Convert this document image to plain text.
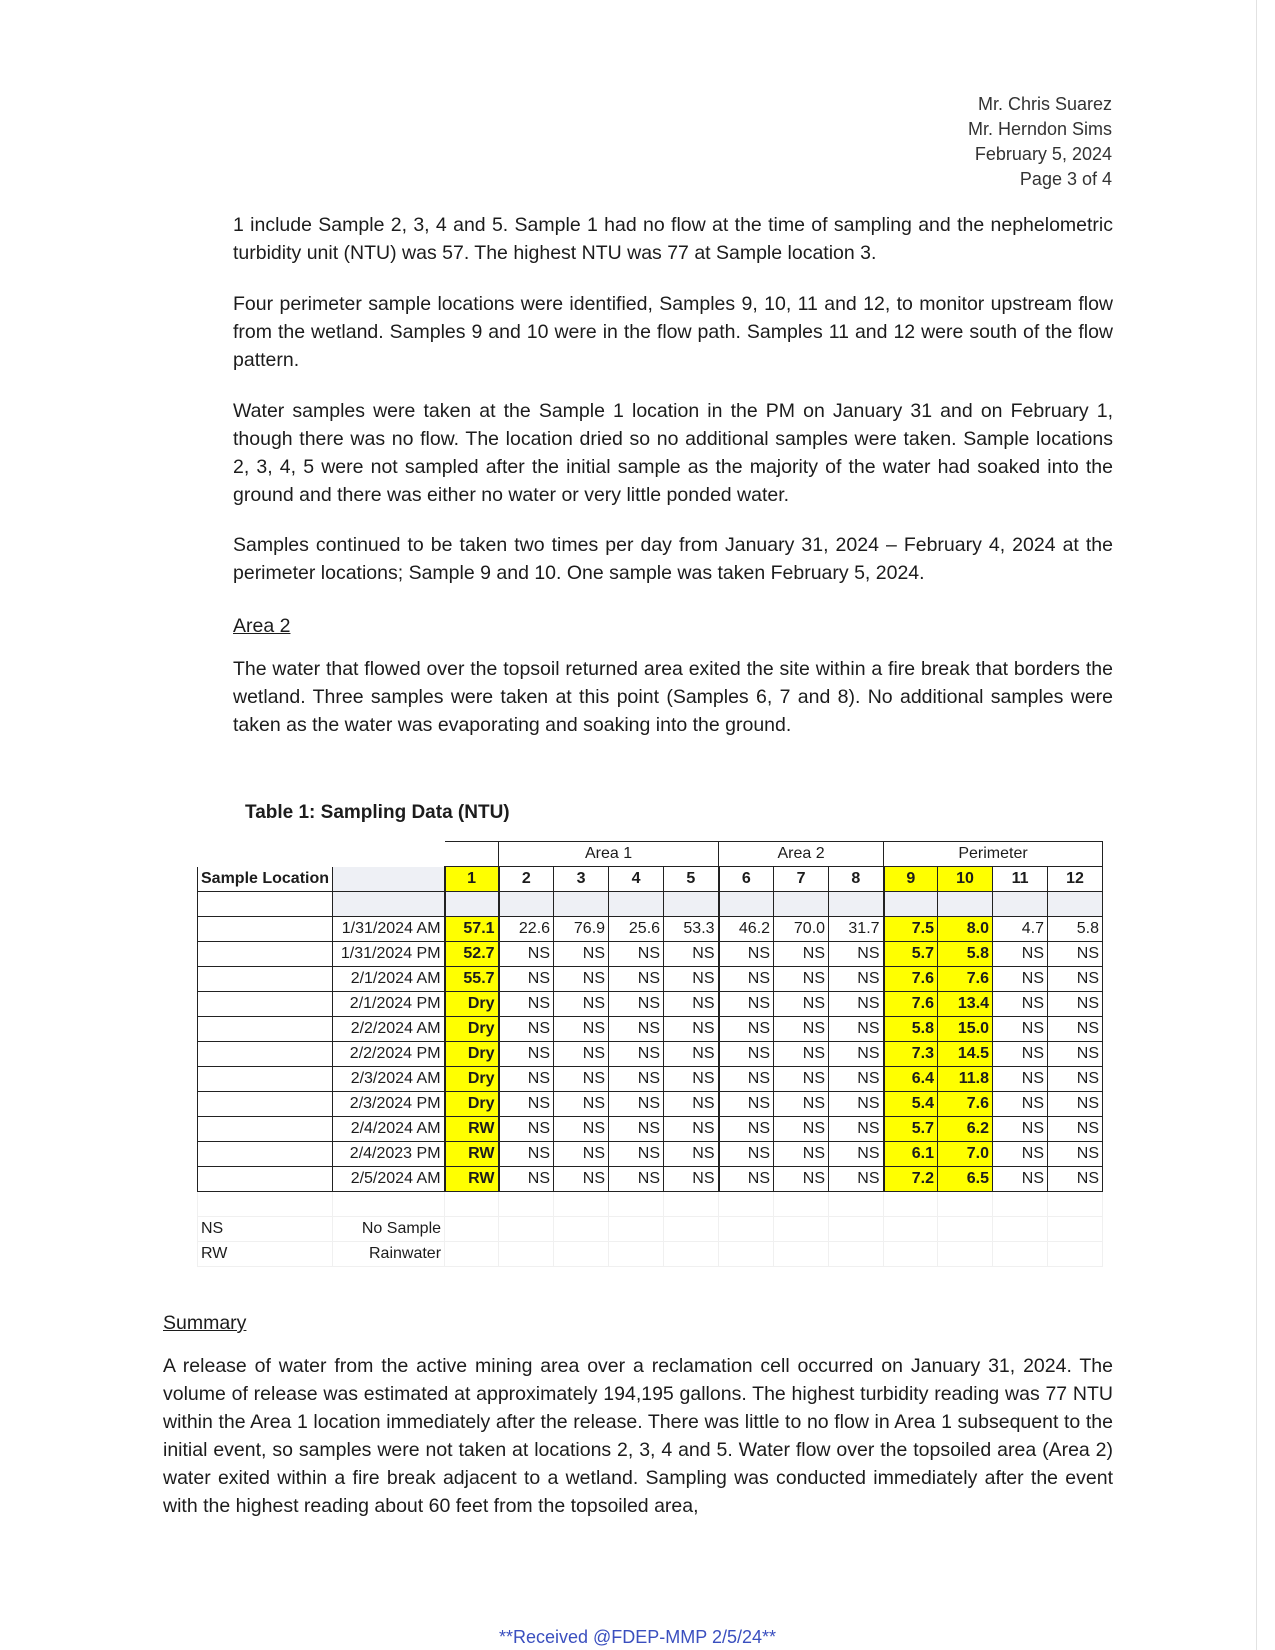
Mr. Chris Suarez
Mr. Herndon Sims
February 5, 2024
Page 3 of 4

1 include Sample 2, 3, 4 and 5. Sample 1 had no flow at the time of sampling and the nephelometric turbidity unit (NTU) was 57. The highest NTU was 77 at Sample location 3.

Four perimeter sample locations were identified, Samples 9, 10, 11 and 12, to monitor upstream flow from the wetland. Samples 9 and 10 were in the flow path. Samples 11 and 12 were south of the flow pattern.

Water samples were taken at the Sample 1 location in the PM on January 31 and on February 1, though there was no flow. The location dried so no additional samples were taken. Sample locations 2, 3, 4, 5 were not sampled after the initial sample as the majority of the water had soaked into the ground and there was either no water or very little ponded water.

Samples continued to be taken two times per day from January 31, 2024 – February 4, 2024 at the perimeter locations; Sample 9 and 10. One sample was taken February 5, 2024.

Area 2

The water that flowed over the topsoil returned area exited the site within a fire break that borders the wetland. Three samples were taken at this point (Samples 6, 7 and 8). No additional samples were taken as the water was evaporating and soaking into the ground.

Table 1: Sampling Data (NTU)
			Area 1				Area 2			Perimeter			
Sample Location		1	2	3	4	5	6	7	8	9	10	11	12

	1/31/2024 AM	57.1	22.6	76.9	25.6	53.3	46.2	70.0	31.7	7.5	8.0	4.7	5.8
	1/31/2024 PM	52.7	NS	NS	NS	NS	NS	NS	NS	5.7	5.8	NS	NS
	2/1/2024 AM	55.7	NS	NS	NS	NS	NS	NS	NS	7.6	7.6	NS	NS
	2/1/2024 PM	Dry	NS	NS	NS	NS	NS	NS	NS	7.6	13.4	NS	NS
	2/2/2024 AM	Dry	NS	NS	NS	NS	NS	NS	NS	5.8	15.0	NS	NS
	2/2/2024 PM	Dry	NS	NS	NS	NS	NS	NS	NS	7.3	14.5	NS	NS
	2/3/2024 AM	Dry	NS	NS	NS	NS	NS	NS	NS	6.4	11.8	NS	NS
	2/3/2024 PM	Dry	NS	NS	NS	NS	NS	NS	NS	5.4	7.6	NS	NS
	2/4/2024 AM	RW	NS	NS	NS	NS	NS	NS	NS	5.7	6.2	NS	NS
	2/4/2023 PM	RW	NS	NS	NS	NS	NS	NS	NS	6.1	7.0	NS	NS
	2/5/2024 AM	RW	NS	NS	NS	NS	NS	NS	NS	7.2	6.5	NS	NS

NS	No Sample												
RW	Rainwater												

Summary

A release of water from the active mining area over a reclamation cell occurred on January 31, 2024. The volume of release was estimated at approximately 194,195 gallons. The highest turbidity reading was 77 NTU within the Area 1 location immediately after the release. There was little to no flow in Area 1 subsequent to the initial event, so samples were not taken at locations 2, 3, 4 and 5. Water flow over the topsoiled area (Area 2) water exited within a fire break adjacent to a wetland. Sampling was conducted immediately after the event with the highest reading about 60 feet from the topsoiled area,

**Received @FDEP-MMP 2/5/24**
